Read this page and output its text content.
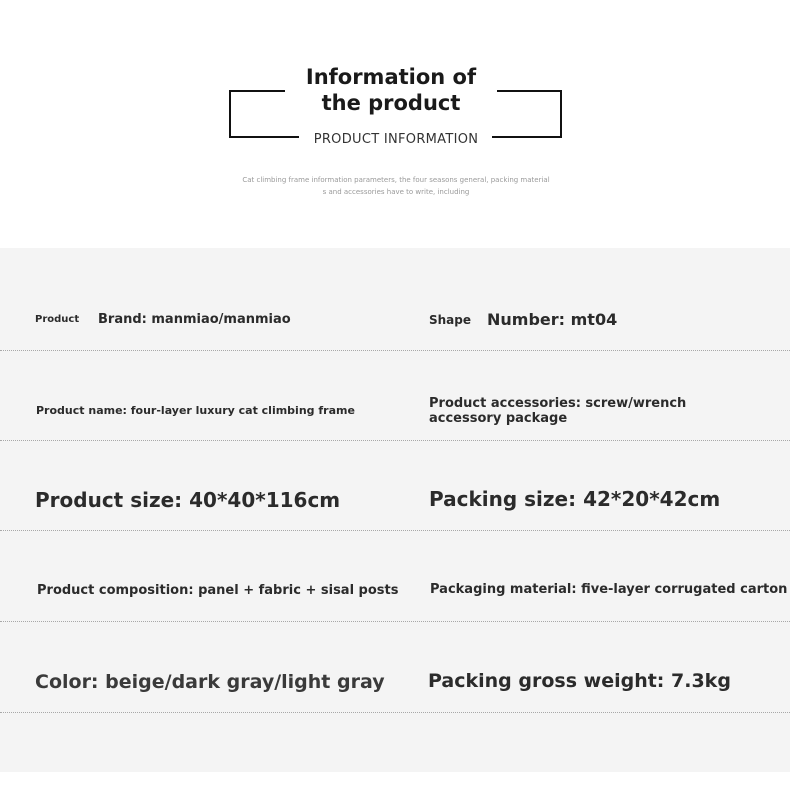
Information of
the product
PRODUCT INFORMATION
Cat climbing frame information parameters, the four seasons general, packing material
s and accessories have to write, including
Product Brand: manmiao/manmiao	Shape Number: mt04
Product name: four-layer luxury cat climbing frame	Product accessories: screw/wrench accessory package
Product size: 40*40*116cm	Packing size: 42*20*42cm
Product composition: panel + fabric + sisal posts Packaging material: five-layer corrugated carton
Color: beige/dark gray/light gray Packing gross weight: 7.3kg
